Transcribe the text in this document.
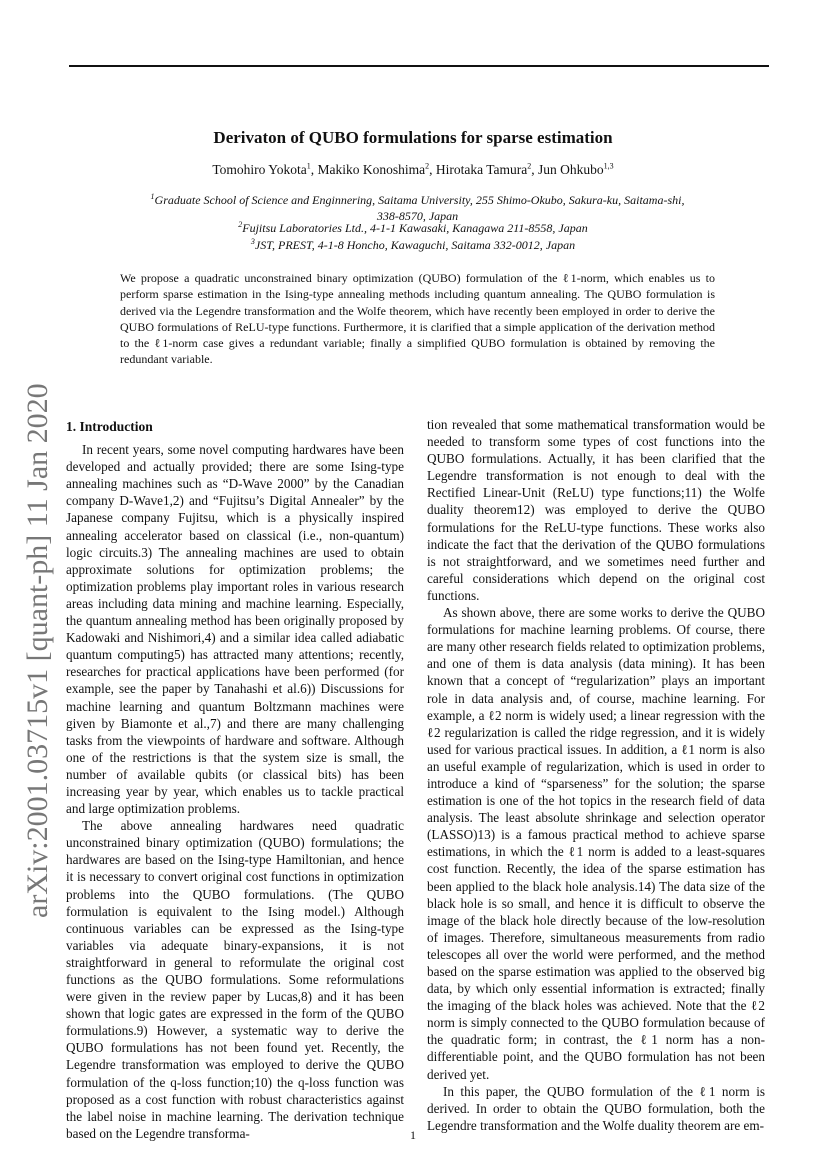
arXiv:2001.03715v1 [quant-ph] 11 Jan 2020
Derivaton of QUBO formulations for sparse estimation
Tomohiro Yokota$^1$, Makiko Konoshima$^2$, Hirotaka Tamura$^2$, Jun Ohkubo$^{1,3}$
$^1$Graduate School of Science and Enginnering, Saitama University, 255 Shimo-Okubo, Sakura-ku, Saitama-shi, 338-8570, Japan
$^2$Fujitsu Laboratories Ltd., 4-1-1 Kawasaki, Kanagawa 211-8558, Japan
$^3$JST, PREST, 4-1-8 Honcho, Kawaguchi, Saitama 332-0012, Japan
We propose a quadratic unconstrained binary optimization (QUBO) formulation of the ℓ1-norm, which enables us to perform sparse estimation in the Ising-type annealing methods including quantum annealing. The QUBO formulation is derived via the Legendre transformation and the Wolfe theorem, which have recently been employed in order to derive the QUBO formulations of ReLU-type functions. Furthermore, it is clarified that a simple application of the derivation method to the ℓ1-norm case gives a redundant variable; finally a simplified QUBO formulation is obtained by removing the redundant variable.
1. Introduction

In recent years, some novel computing hardwares have been developed and actually provided; there are some Ising-type annealing machines such as “D-Wave 2000” by the Canadian company D-Wave1,2) and “Fujitsu’s Digital Annealer” by the Japanese company Fujitsu, which is a physically inspired annealing accelerator based on classical (i.e., non-quantum) logic circuits.3) The annealing machines are used to obtain approximate solutions for optimization problems; the optimization problems play important roles in various research areas including data mining and machine learning. Especially, the quantum annealing method has been originally proposed by Kadowaki and Nishimori,4) and a similar idea called adiabatic quantum computing5) has attracted many attentions; recently, researches for practical applications have been performed (for example, see the paper by Tanahashi et al.6)) Discussions for machine learning and quantum Boltzmann machines were given by Biamonte et al.,7) and there are many challenging tasks from the viewpoints of hardware and software. Although one of the restrictions is that the system size is small, the number of available qubits (or classical bits) has been increasing year by year, which enables us to tackle practical and large optimization problems.

The above annealing hardwares need quadratic unconstrained binary optimization (QUBO) formulations; the hardwares are based on the Ising-type Hamiltonian, and hence it is necessary to convert original cost functions in optimization problems into the QUBO formulations. (The QUBO formulation is equivalent to the Ising model.) Although continuous variables can be expressed as the Ising-type variables via adequate binary-expansions, it is not straightforward in general to reformulate the original cost functions as the QUBO formulations. Some reformulations were given in the review paper by Lucas,8) and it has been shown that logic gates are expressed in the form of the QUBO formulations.9) However, a systematic way to derive the QUBO formulations has not been found yet. Recently, the Legendre transformation was employed to derive the QUBO formulation of the q-loss function;10) the q-loss function was proposed as a cost function with robust characteristics against the label noise in machine learning. The derivation technique based on the Legendre transforma-

tion revealed that some mathematical transformation would be needed to transform some types of cost functions into the QUBO formulations. Actually, it has been clarified that the Legendre transformation is not enough to deal with the Rectified Linear-Unit (ReLU) type functions;11) the Wolfe duality theorem12) was employed to derive the QUBO formulations for the ReLU-type functions. These works also indicate the fact that the derivation of the QUBO formulations is not straightforward, and we sometimes need further and careful considerations which depend on the original cost functions.

As shown above, there are some works to derive the QUBO formulations for machine learning problems. Of course, there are many other research fields related to optimization problems, and one of them is data analysis (data mining). It has been known that a concept of “regularization” plays an important role in data analysis and, of course, machine learning. For example, a ℓ2 norm is widely used; a linear regression with the ℓ2 regularization is called the ridge regression, and it is widely used for various practical issues. In addition, a ℓ1 norm is also an useful example of regularization, which is used in order to introduce a kind of “sparseness” for the solution; the sparse estimation is one of the hot topics in the research field of data analysis. The least absolute shrinkage and selection operator (LASSO)13) is a famous practical method to achieve sparse estimations, in which the ℓ1 norm is added to a least-squares cost function. Recently, the idea of the sparse estimation has been applied to the black hole analysis.14) The data size of the black hole is so small, and hence it is difficult to observe the image of the black hole directly because of the low-resolution of images. Therefore, simultaneous measurements from radio telescopes all over the world were performed, and the method based on the sparse estimation was applied to the observed big data, by which only essential information is extracted; finally the imaging of the black holes was achieved. Note that the ℓ2 norm is simply connected to the QUBO formulation because of the quadratic form; in contrast, the ℓ1 norm has a non-differentiable point, and the QUBO formulation has not been derived yet.

In this paper, the QUBO formulation of the ℓ1 norm is derived. In order to obtain the QUBO formulation, both the Legendre transformation and the Wolfe duality theorem are em-

1
